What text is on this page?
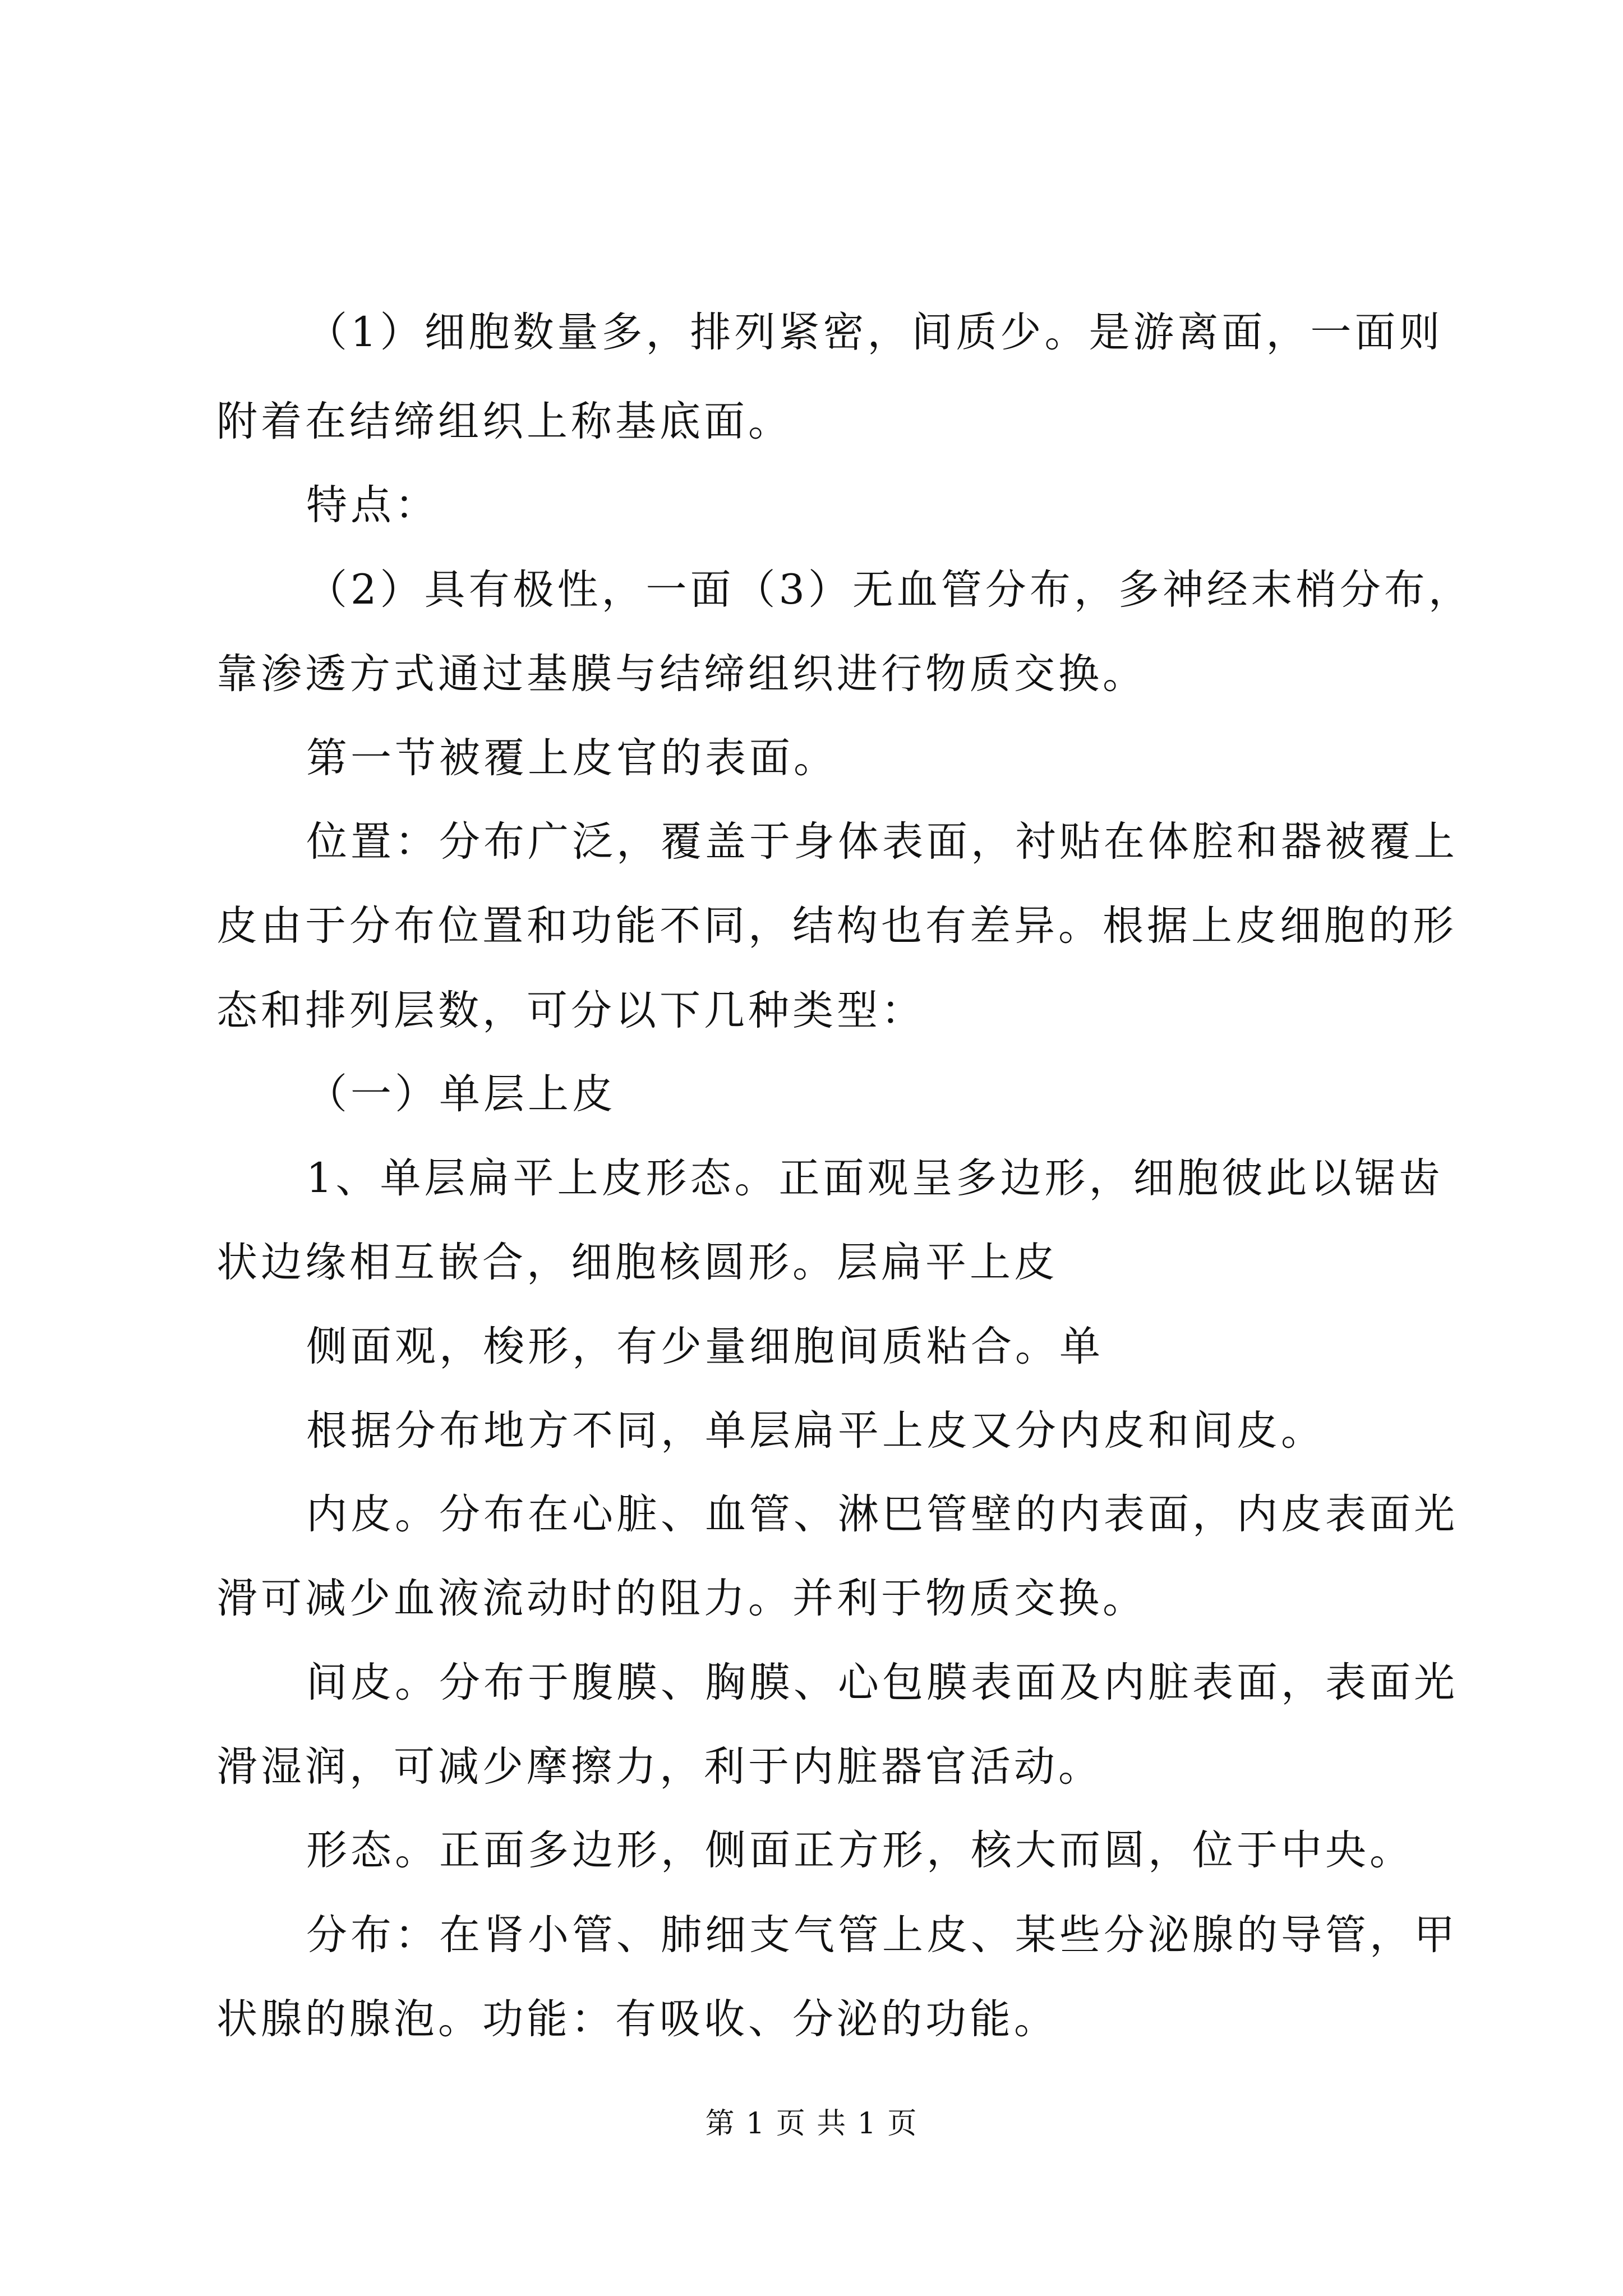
（1）细胞数量多，排列紧密，间质少。是游离面，一面则
附着在结缔组织上称基底面。
特点：
（2）具有极性，一面（3）无血管分布，多神经末梢分布，
靠渗透方式通过基膜与结缔组织进行物质交换。
第一节被覆上皮官的表面。
位置：分布广泛，覆盖于身体表面，衬贴在体腔和器被覆上
皮由于分布位置和功能不同，结构也有差异。根据上皮细胞的形
态和排列层数，可分以下几种类型：
（一）单层上皮
1、单层扁平上皮形态。正面观呈多边形，细胞彼此以锯齿
状边缘相互嵌合，细胞核圆形。层扁平上皮
侧面观，梭形，有少量细胞间质粘合。单
根据分布地方不同，单层扁平上皮又分内皮和间皮。
内皮。分布在心脏、血管、淋巴管壁的内表面，内皮表面光
滑可减少血液流动时的阻力。并利于物质交换。
间皮。分布于腹膜、胸膜、心包膜表面及内脏表面，表面光
滑湿润，可减少摩擦力，利于内脏器官活动。
形态。正面多边形，侧面正方形，核大而圆，位于中央。
分布：在肾小管、肺细支气管上皮、某些分泌腺的导管，甲
状腺的腺泡。功能：有吸收、分泌的功能。
第 1 页 共 1 页
